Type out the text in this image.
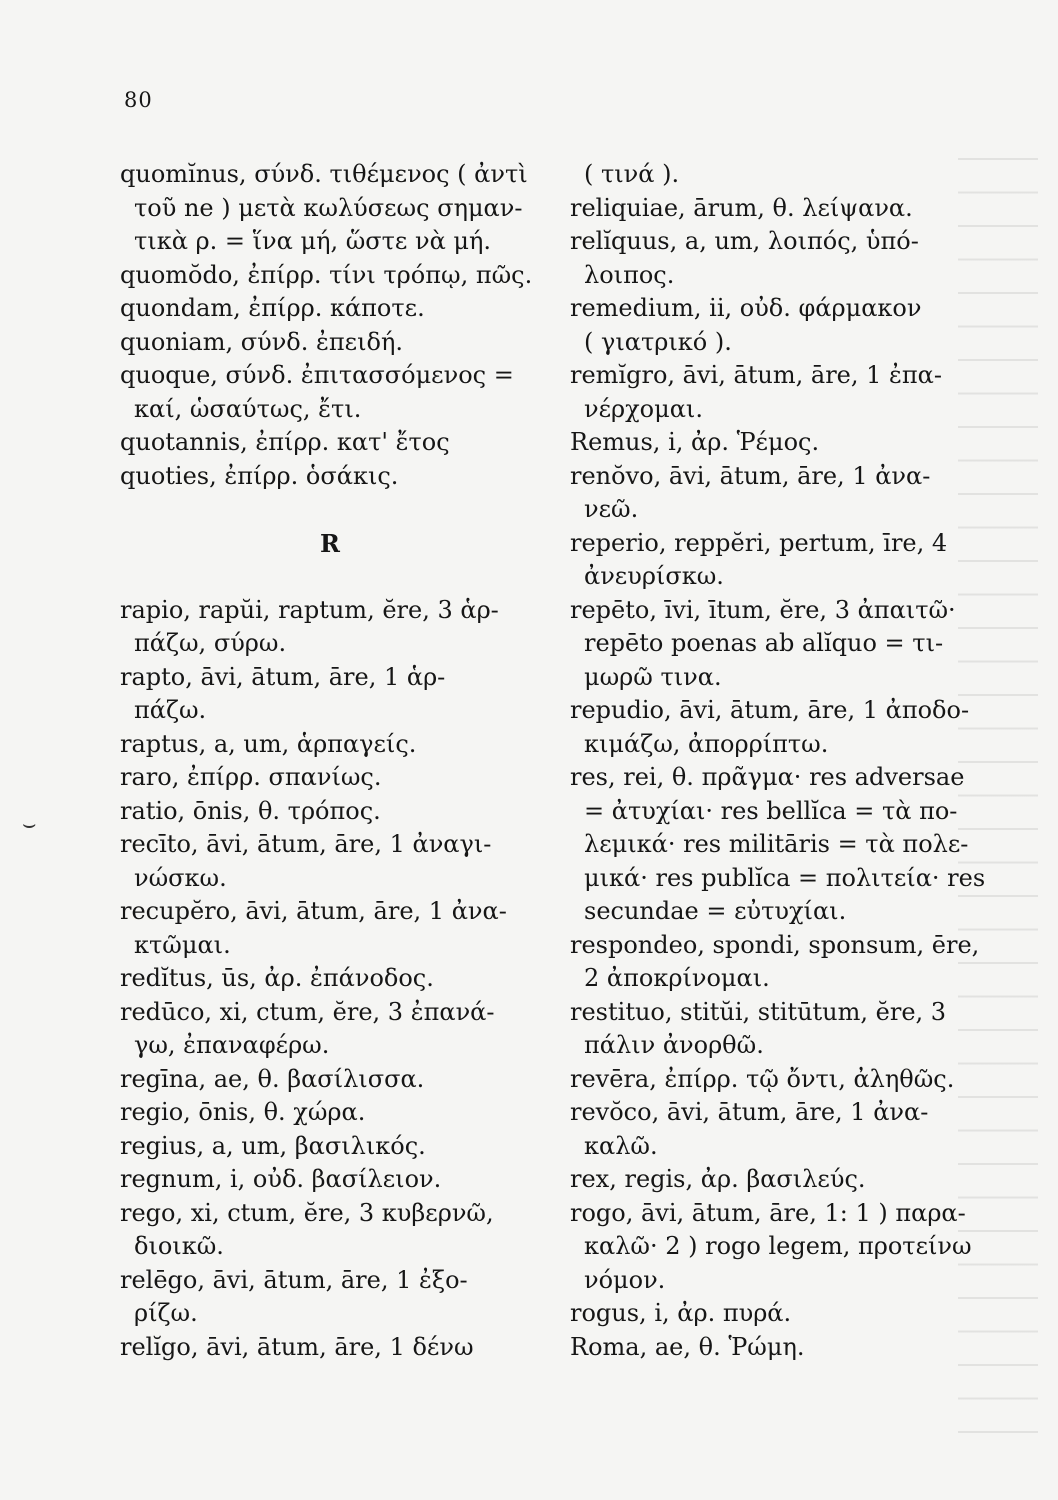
80
⌣
quomĭnus, σύνδ. τιθέμενος ( ἀντὶ
τοῦ ne ) μετὰ κωλύσεως σημαν-
τικὰ ρ. = ἵνα μή, ὥστε νὰ μή.
quomŏdo, ἐπίρρ. τίνι τρόπῳ, πῶς.
quondam, ἐπίρρ. κάποτε.
quoniam, σύνδ. ἐπειδή.
quoque, σύνδ. ἐπιτασσόμενος =
καί, ὡσαύτως, ἔτι.
quotannis, ἐπίρρ. κατ' ἔτος
quoties, ἐπίρρ. ὁσάκις.
R
rapio, rapŭi, raptum, ĕre, 3 ἁρ-
πάζω, σύρω.
rapto, āvi, ātum, āre, 1 ἁρ-
πάζω.
raptus, a, um, ἁρπαγείς.
raro, ἐπίρρ. σπανίως.
ratio, ōnis, θ. τρόπος.
recīto, āvi, ātum, āre, 1 ἀναγι-
νώσκω.
recupĕro, āvi, ātum, āre, 1 ἀνα-
κτῶμαι.
redĭtus, ūs, ἀρ. ἐπάνοδος.
redūco, xi, ctum, ĕre, 3 ἐπανά-
γω, ἐπαναφέρω.
regīna, ae, θ. βασίλισσα.
regio, ōnis, θ. χώρα.
regius, a, um, βασιλικός.
regnum, i, οὐδ. βασίλειον.
rego, xi, ctum, ĕre, 3 κυβερνῶ,
διοικῶ.
relēgo, āvi, ātum, āre, 1 ἐξο-
ρίζω.
relĭgo, āvi, ātum, āre, 1 δένω
( τινά ).
reliquiae, ārum, θ. λείψανα.
relĭquus, a, um, λοιπός, ὑπό-
λοιπος.
remedium, ii, οὐδ. φάρμακον
( γιατρικό ).
remĭgro, āvi, ātum, āre, 1 ἐπα-
νέρχομαι.
Remus, i, ἀρ. Ῥέμος.
renŏvo, āvi, ātum, āre, 1 ἀνα-
νεῶ.
reperio, reppĕri, pertum, īre, 4
ἀνευρίσκω.
repēto, īvi, ītum, ĕre, 3 ἀπαιτῶ·
repēto poenas ab alĭquo = τι-
μωρῶ τινα.
repudio, āvi, ātum, āre, 1 ἀποδο-
κιμάζω, ἀπορρίπτω.
res, rei, θ. πρᾶγμα· res adversae
= ἀτυχίαι· res bellĭca = τὰ πο-
λεμικά· res militāris = τὰ πολε-
μικά· res publĭca = πολιτεία· res
secundae = εὐτυχίαι.
respondeo, spondi, sponsum, ēre,
2 ἀποκρίνομαι.
restituo, stitŭi, stitūtum, ĕre, 3
πάλιν ἀνορθῶ.
revēra, ἐπίρρ. τῷ ὄντι, ἀληθῶς.
revŏco, āvi, ātum, āre, 1 ἀνα-
καλῶ.
rex, regis, ἀρ. βασιλεύς.
rogo, āvi, ātum, āre, 1: 1 ) παρα-
καλῶ· 2 ) rogo legem, προτείνω
νόμον.
rogus, i, ἀρ. πυρά.
Roma, ae, θ. Ῥώμη.
